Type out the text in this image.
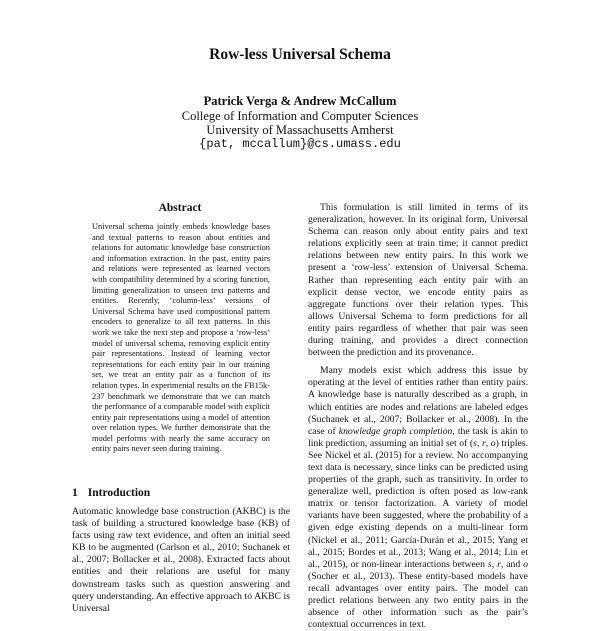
Row-less Universal Schema
Patrick Verga & Andrew McCallum
College of Information and Computer Sciences
University of Massachusetts Amherst
{pat, mccallum}@cs.umass.edu
Abstract

Universal schema jointly embeds knowledge bases and textual patterns to reason about entities and relations for automatic knowledge base construction and information extraction. In the past, entity pairs and relations were represented as learned vectors with compatibility determined by a scoring function, limiting generalization to unseen text patterns and entities. Recently, ‘column-less’ versions of Universal Schema have used compositional pattern encoders to generalize to all text patterns. In this work we take the next step and propose a ‘row-less’ model of universal schema, removing explicit entity pair representations. Instead of learning vector representations for each entity pair in our training set, we treat an entity pair as a function of its relation types. In experimental results on the FB15k-237 benchmark we demonstrate that we can match the performance of a comparable model with explicit entity pair representations using a model of attention over relation types. We further demonstrate that the model performs with nearly the same accuracy on entity pairs never seen during training.

1 Introduction

Automatic knowledge base construction (AKBC) is the task of building a structured knowledge base (KB) of facts using raw text evidence, and often an initial seed KB to be augmented (Carlson et al., 2010; Suchanek et al., 2007; Bollacker et al., 2008). Extracted facts about entities and their relations are useful for many downstream tasks such as question answering and query understanding. An effective approach to AKBC is Universal

This formulation is still limited in terms of its generalization, however. In its original form, Universal Schema can reason only about entity pairs and text relations explicitly seen at train time; it cannot predict relations between new entity pairs. In this work we present a ‘row-less’ extension of Universal Schema. Rather than representing each entity pair with an explicit dense vector, we encode entity pairs as aggregate functions over their relation types. This allows Universal Schema to form predictions for all entity pairs regardless of whether that pair was seen during training, and provides a direct connection between the prediction and its provenance.

Many models exist which address this issue by operating at the level of entities rather than entity pairs. A knowledge base is naturally described as a graph, in which entities are nodes and relations are labeled edges (Suchanek et al., 2007; Bollacker et al., 2008). In the case of knowledge graph completion, the task is akin to link prediction, assuming an initial set of (s, r, o) triples. See Nickel et al. (2015) for a review. No accompanying text data is necessary, since links can be predicted using properties of the graph, such as transitivity. In order to generalize well, prediction is often posed as low-rank matrix or tensor factorization. A variety of model variants have been suggested, where the probability of a given edge existing depends on a multi-linear form (Nickel et al., 2011; García-Durán et al., 2015; Yang et al., 2015; Bordes et al., 2013; Wang et al., 2014; Lin et al., 2015), or non-linear interactions between s, r, and o (Socher et al., 2013). These entity-based models have recall advantages over entity pairs. The model can predict relations between any two entity pairs in the absence of other information such as the pair’s contextual occurrences in text.
